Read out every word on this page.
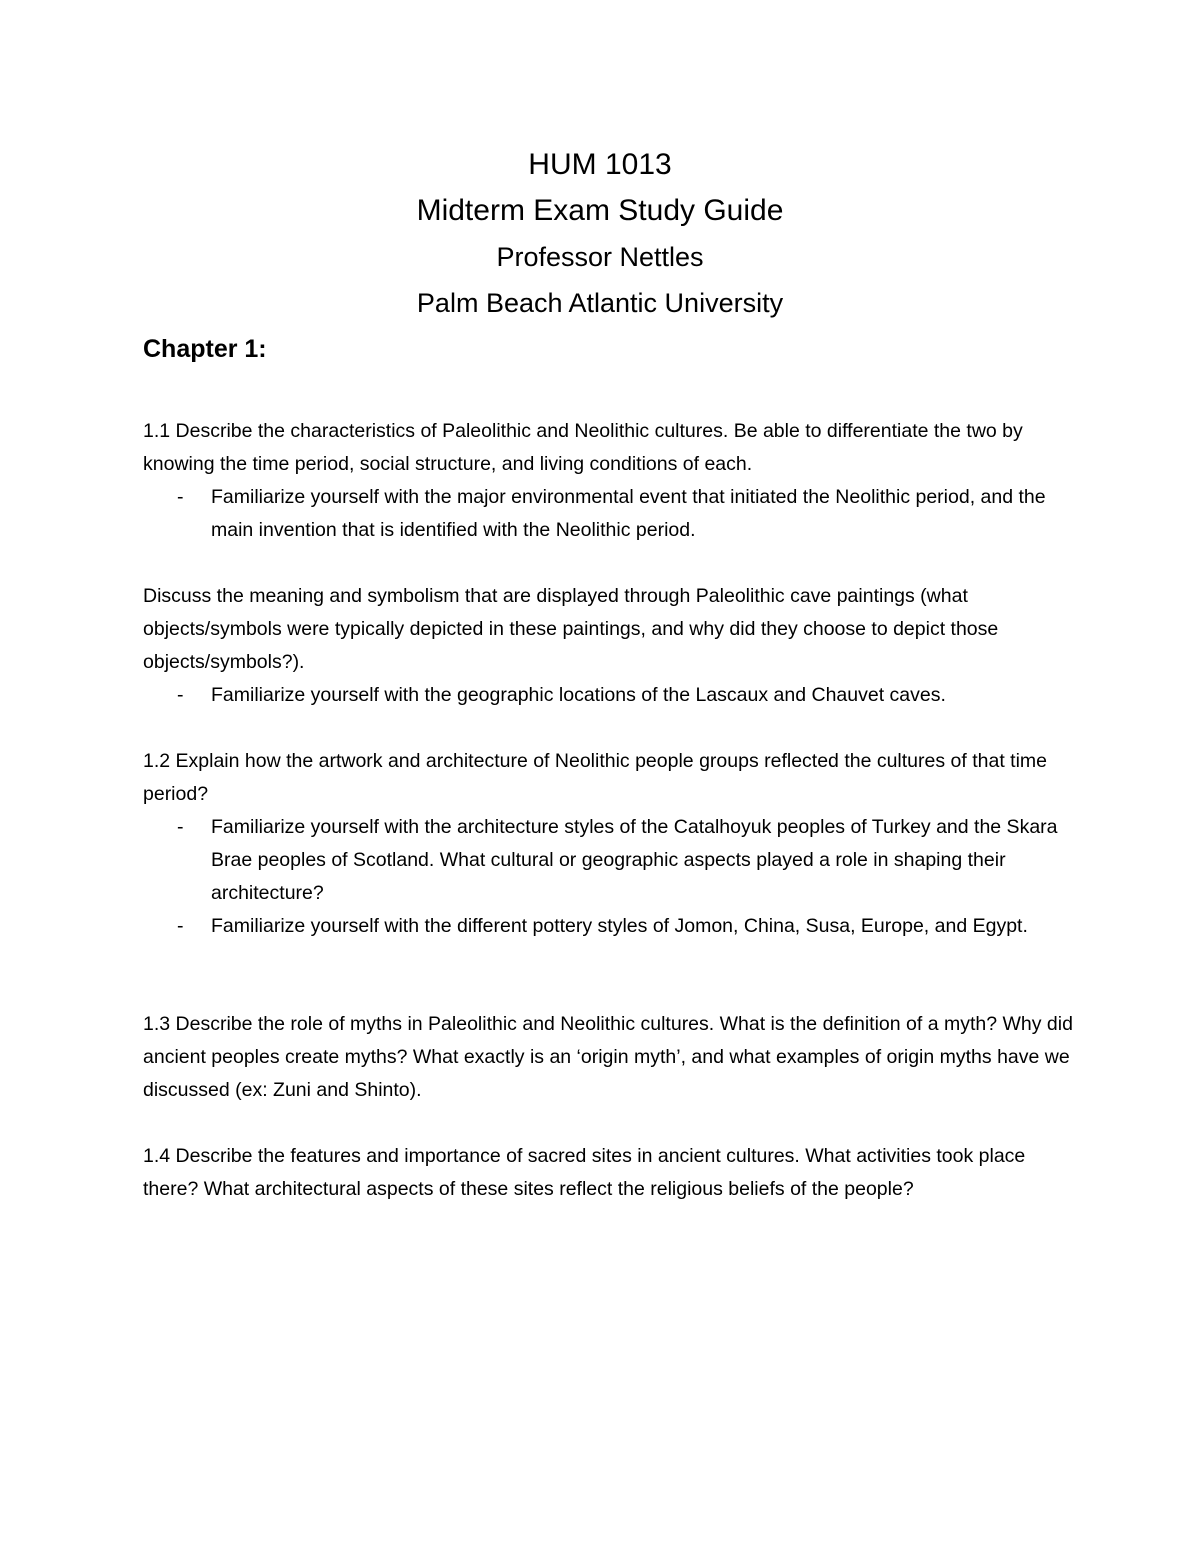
HUM 1013
Midterm Exam Study Guide
Professor Nettles
Palm Beach Atlantic University
Chapter 1:

1.1 Describe the characteristics of Paleolithic and Neolithic cultures. Be able to differentiate the two by knowing the time period, social structure, and living conditions of each.

- Familiarize yourself with the major environmental event that initiated the Neolithic period, and the main invention that is identified with the Neolithic period.

Discuss the meaning and symbolism that are displayed through Paleolithic cave paintings (what objects/symbols were typically depicted in these paintings, and why did they choose to depict those objects/symbols?).

- Familiarize yourself with the geographic locations of the Lascaux and Chauvet caves.

1.2 Explain how the artwork and architecture of Neolithic people groups reflected the cultures of that time period?

- Familiarize yourself with the architecture styles of the Catalhoyuk peoples of Turkey and the Skara Brae peoples of Scotland. What cultural or geographic aspects played a role in shaping their architecture?
- Familiarize yourself with the different pottery styles of Jomon, China, Susa, Europe, and Egypt.

1.3 Describe the role of myths in Paleolithic and Neolithic cultures. What is the definition of a myth? Why did ancient peoples create myths? What exactly is an ‘origin myth’, and what examples of origin myths have we discussed (ex: Zuni and Shinto).

1.4 Describe the features and importance of sacred sites in ancient cultures. What activities took place there? What architectural aspects of these sites reflect the religious beliefs of the people?
